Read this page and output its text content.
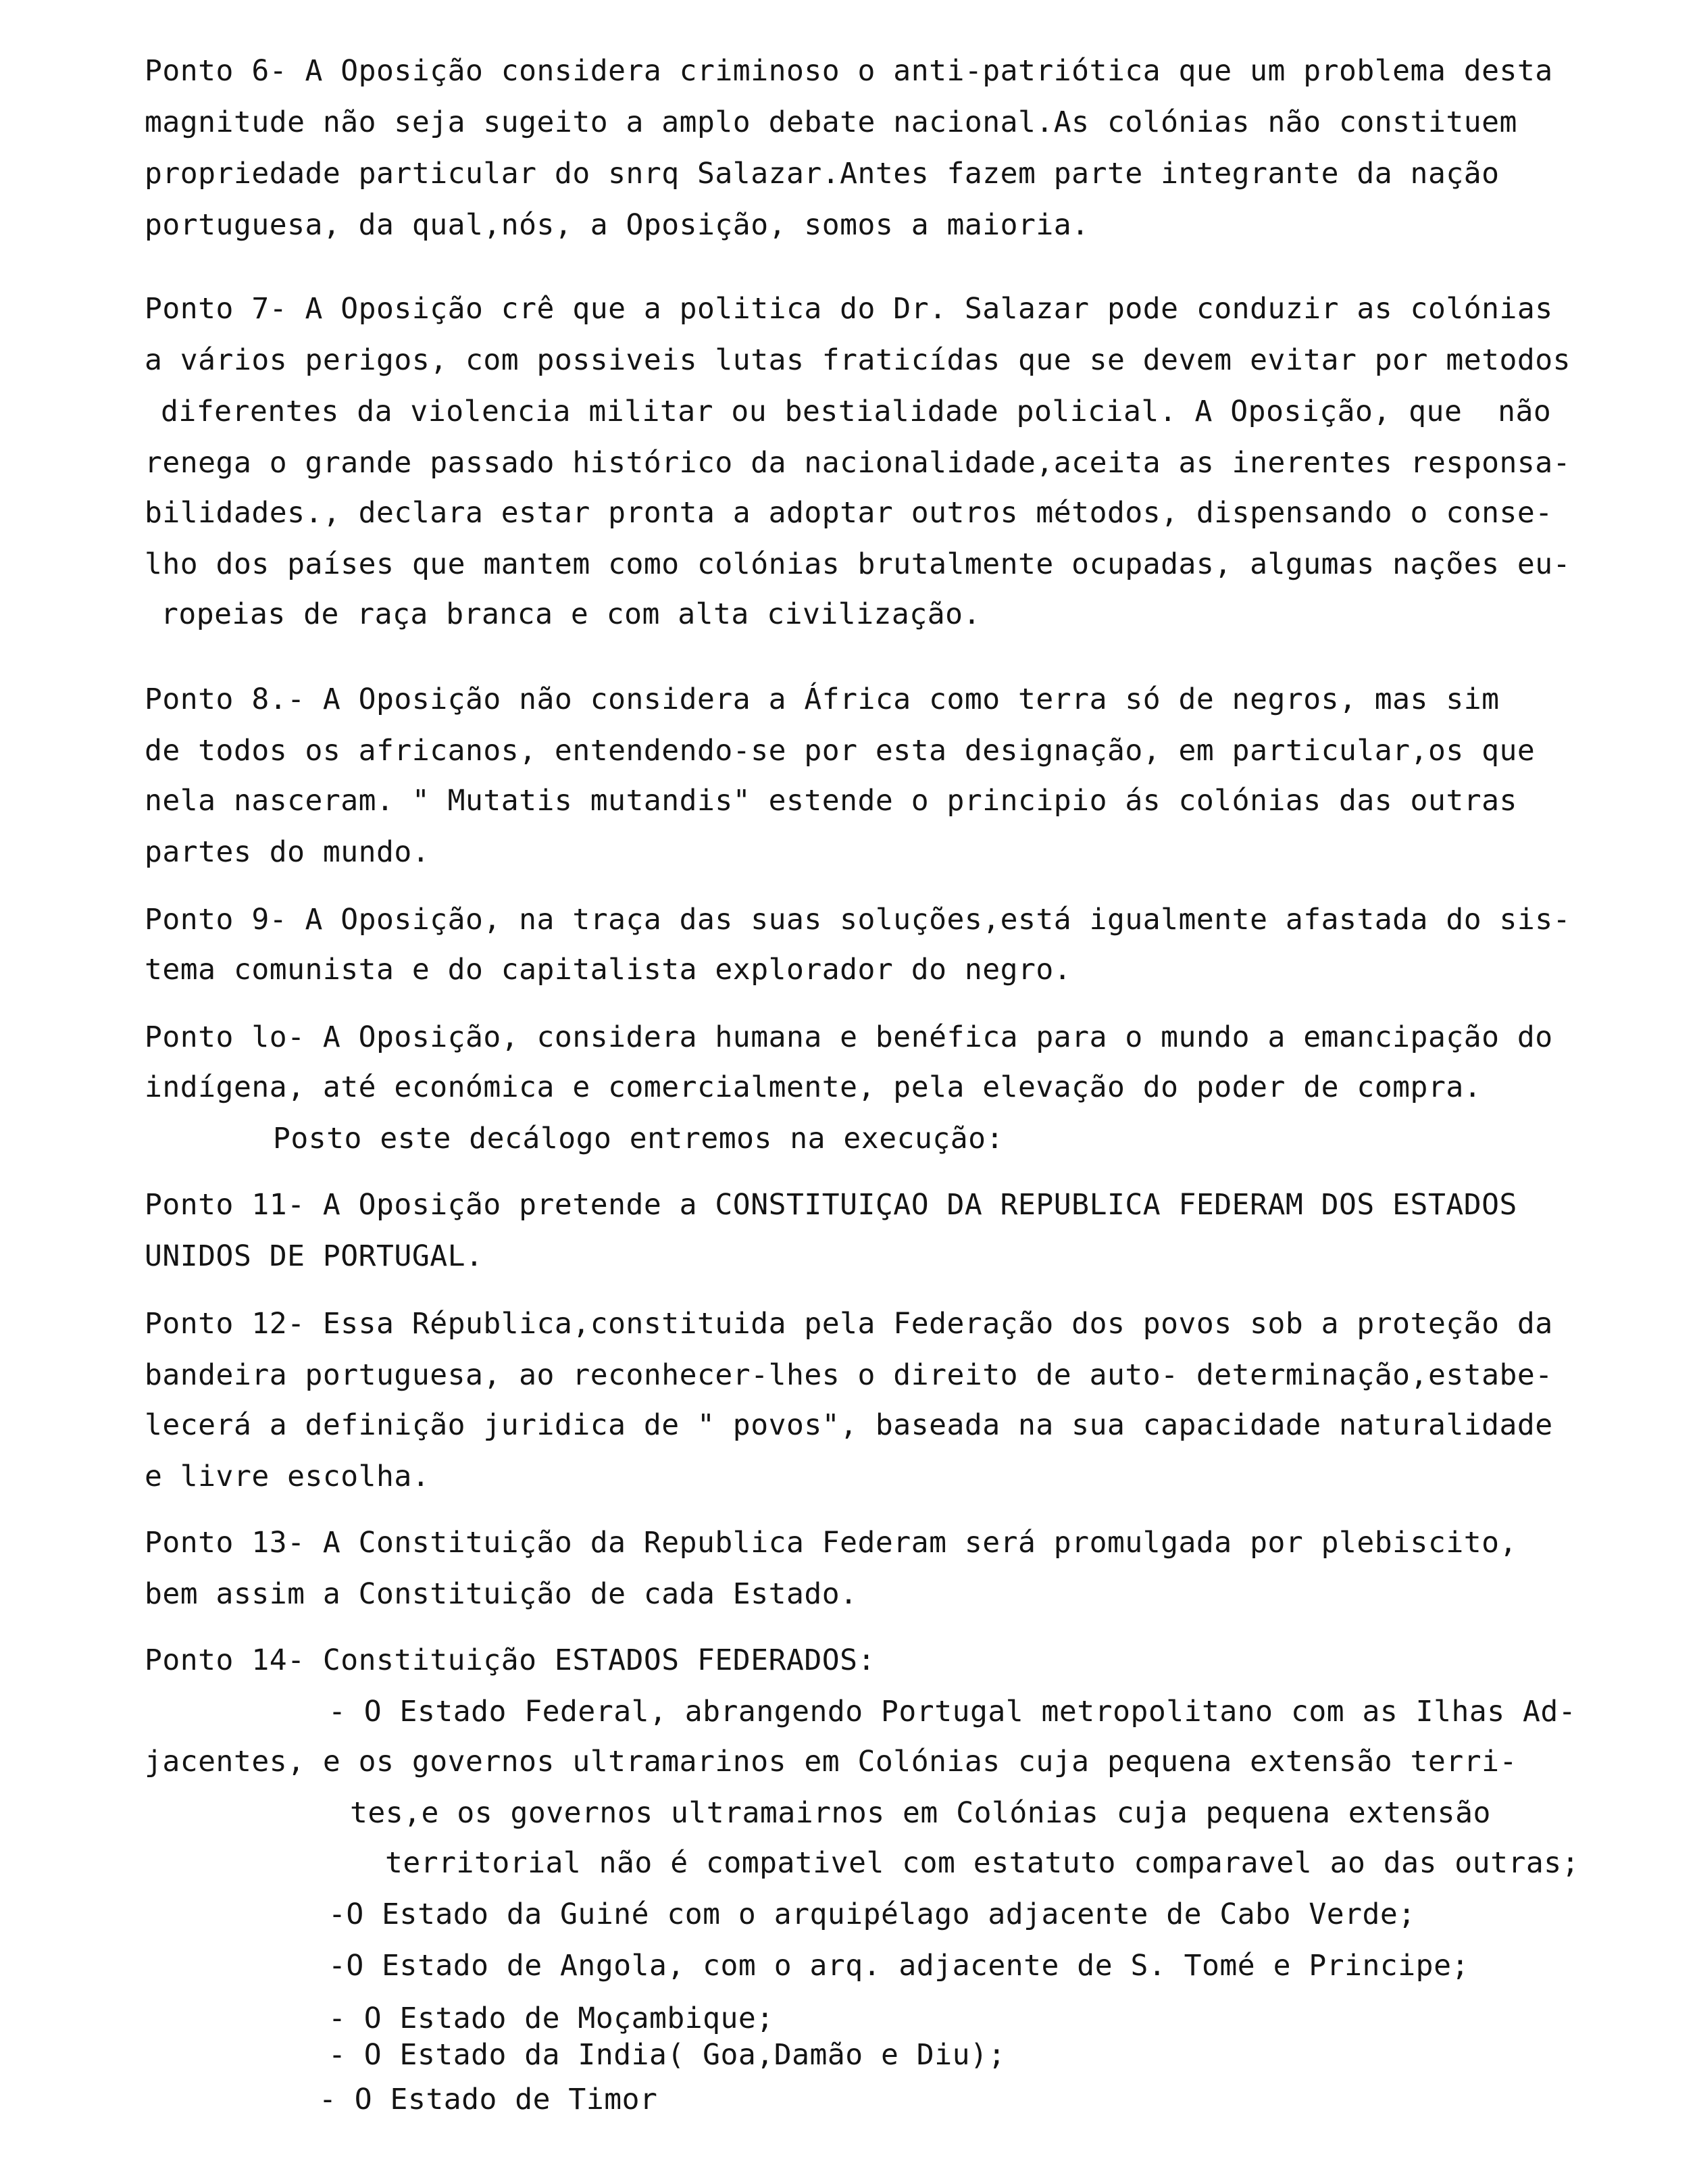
Ponto 6- A Oposição considera criminoso o anti-patriótica que um problema desta
magnitude não seja sugeito a amplo debate nacional.As colónias não constituem
propriedade particular do snrq Salazar.Antes fazem parte integrante da nação
portuguesa, da qual,nós, a Oposição, somos a maioria.
Ponto 7- A Oposição crê que a politica do Dr. Salazar pode conduzir as colónias
a vários perigos, com possiveis lutas fraticídas que se devem evitar por metodos
diferentes da violencia militar ou bestialidade policial. A Oposição, que  não
renega o grande passado histórico da nacionalidade,aceita as inerentes responsa-
bilidades., declara estar pronta a adoptar outros métodos, dispensando o conse-
lho dos países que mantem como colónias brutalmente ocupadas, algumas nações eu-
ropeias de raça branca e com alta civilização.
Ponto 8.- A Oposição não considera a África como terra só de negros, mas sim
de todos os africanos, entendendo-se por esta designação, em particular,os que
nela nasceram. " Mutatis mutandis" estende o principio ás colónias das outras
partes do mundo.
Ponto 9- A Oposição, na traça das suas soluções,está igualmente afastada do sis-
tema comunista e do capitalista explorador do negro.
Ponto lo- A Oposição, considera humana e benéfica para o mundo a emancipação do
indígena, até económica e comercialmente, pela elevação do poder de compra.
Posto este decálogo entremos na execução:
Ponto 11- A Oposição pretende a CONSTITUIÇAO DA REPUBLICA FEDERAM DOS ESTADOS
UNIDOS DE PORTUGAL.
Ponto 12- Essa Républica,constituida pela Federação dos povos sob a proteção da
bandeira portuguesa, ao reconhecer-lhes o direito de auto- determinação,estabe-
lecerá a definição juridica de " povos", baseada na sua capacidade naturalidade
e livre escolha.
Ponto 13- A Constituição da Republica Federam será promulgada por plebiscito,
bem assim a Constituição de cada Estado.
Ponto 14- Constituição ESTADOS FEDERADOS:
- O Estado Federal, abrangendo Portugal metropolitano com as Ilhas Ad-
jacentes, e os governos ultramarinos em Colónias cuja pequena extensão terri-
tes,e os governos ultramairnos em Colónias cuja pequena extensão
territorial não é compativel com estatuto comparavel ao das outras;
-O Estado da Guiné com o arquipélago adjacente de Cabo Verde;
-O Estado de Angola, com o arq. adjacente de S. Tomé e Principe;
- O Estado de Moçambique;
- O Estado da India( Goa,Damão e Diu);
- O Estado de Timor
